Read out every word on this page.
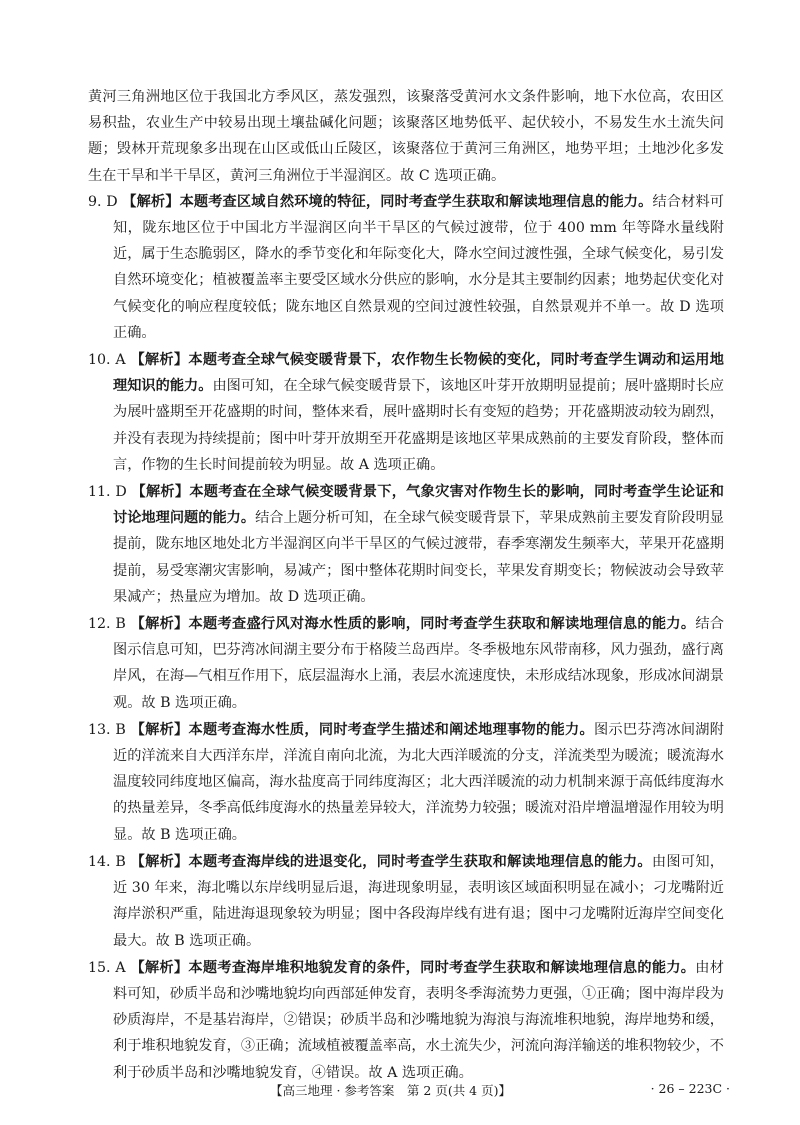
黄河三角洲地区位于我国北方季风区，蒸发强烈，该聚落受黄河水文条件影响，地下水位高，农田区易积盐，农业生产中较易出现土壤盐碱化问题；该聚落区地势低平、起伏较小，不易发生水土流失问题；毁林开荒现象多出现在山区或低山丘陵区，该聚落位于黄河三角洲区，地势平坦；土地沙化多发生在干旱和半干旱区，黄河三角洲位于半湿润区。故 C 选项正确。

9. D 【解析】本题考查区域自然环境的特征，同时考查学生获取和解读地理信息的能力。结合材料可知，陇东地区位于中国北方半湿润区向半干旱区的气候过渡带，位于 400 mm 年等降水量线附近，属于生态脆弱区，降水的季节变化和年际变化大，降水空间过渡性强，全球气候变化，易引发自然环境变化；植被覆盖率主要受区域水分供应的影响，水分是其主要制约因素；地势起伏变化对气候变化的响应程度较低；陇东地区自然景观的空间过渡性较强，自然景观并不单一。故 D 选项正确。

10. A 【解析】本题考查全球气候变暖背景下，农作物生长物候的变化，同时考查学生调动和运用地理知识的能力。由图可知，在全球气候变暖背景下，该地区叶芽开放期明显提前；展叶盛期时长应为展叶盛期至开花盛期的时间，整体来看，展叶盛期时长有变短的趋势；开花盛期波动较为剧烈，并没有表现为持续提前；图中叶芽开放期至开花盛期是该地区苹果成熟前的主要发育阶段，整体而言，作物的生长时间提前较为明显。故 A 选项正确。

11. D 【解析】本题考查在全球气候变暖背景下，气象灾害对作物生长的影响，同时考查学生论证和讨论地理问题的能力。结合上题分析可知，在全球气候变暖背景下，苹果成熟前主要发育阶段明显提前，陇东地区地处北方半湿润区向半干旱区的气候过渡带，春季寒潮发生频率大，苹果开花盛期提前，易受寒潮灾害影响，易减产；图中整体花期时间变长，苹果发育期变长；物候波动会导致苹果减产；热量应为增加。故 D 选项正确。

12. B 【解析】本题考查盛行风对海水性质的影响，同时考查学生获取和解读地理信息的能力。结合图示信息可知，巴芬湾冰间湖主要分布于格陵兰岛西岸。冬季极地东风带南移，风力强劲，盛行离岸风，在海—气相互作用下，底层温海水上涌，表层水流速度快，未形成结冰现象，形成冰间湖景观。故 B 选项正确。

13. B 【解析】本题考查海水性质，同时考查学生描述和阐述地理事物的能力。图示巴芬湾冰间湖附近的洋流来自大西洋东岸，洋流自南向北流，为北大西洋暖流的分支，洋流类型为暖流；暖流海水温度较同纬度地区偏高，海水盐度高于同纬度海区；北大西洋暖流的动力机制来源于高低纬度海水的热量差异，冬季高低纬度海水的热量差异较大，洋流势力较强；暖流对沿岸增温增湿作用较为明显。故 B 选项正确。

14. B 【解析】本题考查海岸线的进退变化，同时考查学生获取和解读地理信息的能力。由图可知，近 30 年来，海北嘴以东岸线明显后退，海进现象明显，表明该区域面积明显在减小；刁龙嘴附近海岸淤积严重，陆进海退现象较为明显；图中各段海岸线有进有退；图中刁龙嘴附近海岸空间变化最大。故 B 选项正确。

15. A 【解析】本题考查海岸堆积地貌发育的条件，同时考查学生获取和解读地理信息的能力。由材料可知，砂质半岛和沙嘴地貌均向西部延伸发育，表明冬季海流势力更强，①正确；图中海岸段为砂质海岸，不是基岩海岸，②错误；砂质半岛和沙嘴地貌为海浪与海流堆积地貌，海岸地势和缓，利于堆积地貌发育，③正确；流域植被覆盖率高，水土流失少，河流向海洋输送的堆积物较少，不利于砂质半岛和沙嘴地貌发育，④错误。故 A 选项正确。

【高三地理 · 参考答案　第 2 页(共 4 页)】	· 26 – 223C ·
